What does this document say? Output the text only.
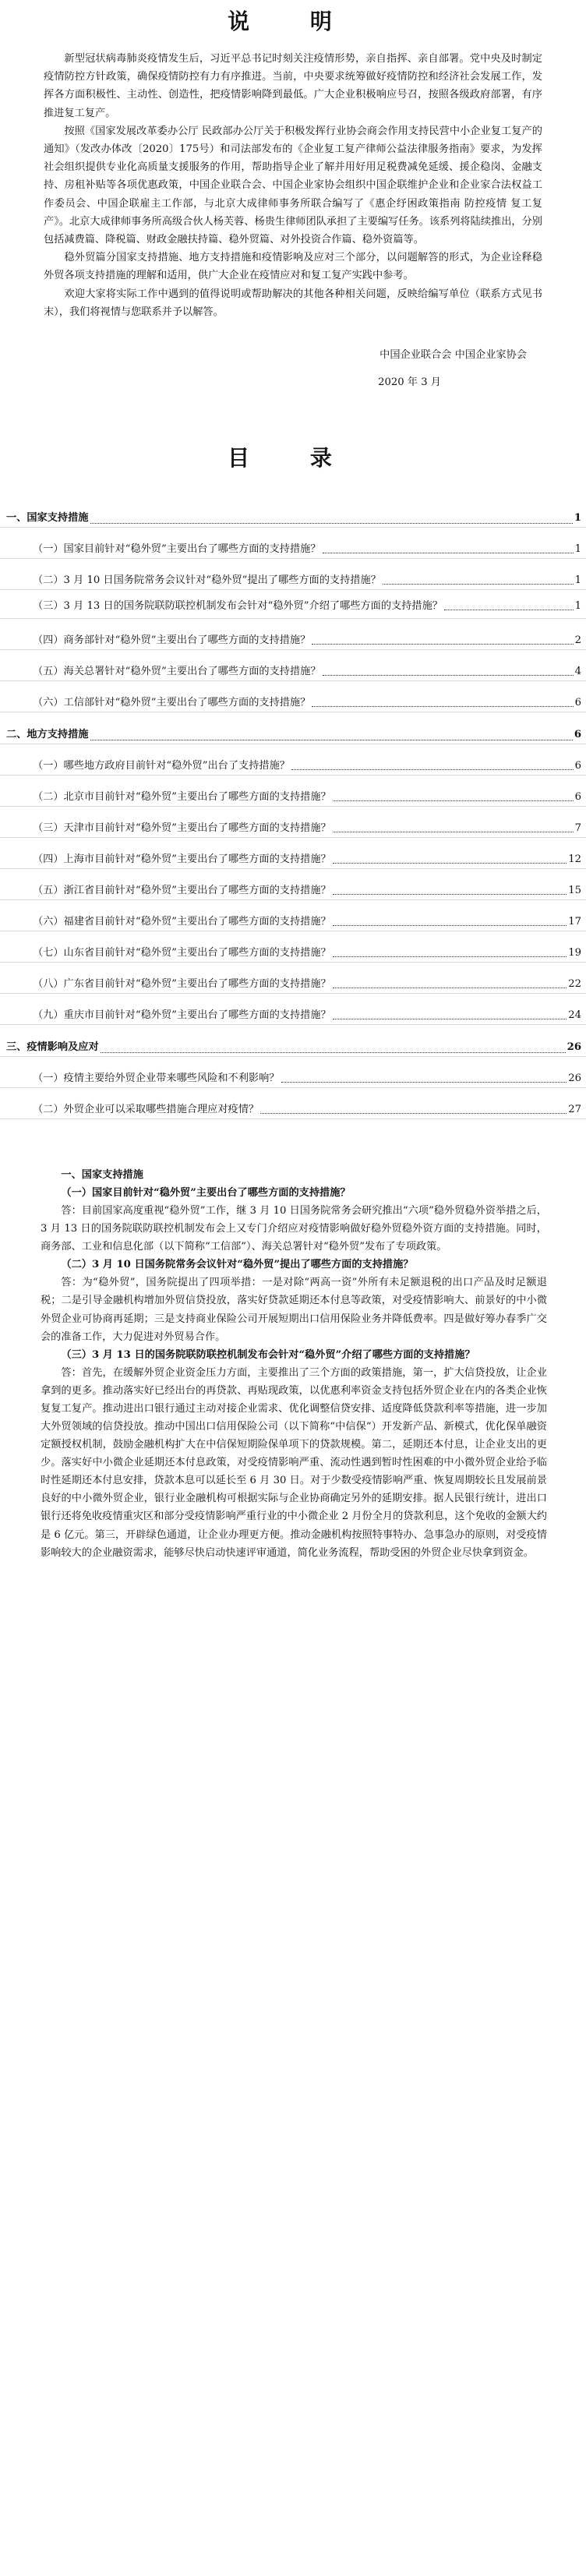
说 明

新型冠状病毒肺炎疫情发生后，习近平总书记时刻关注疫情形势，亲自指挥、亲自部署。党中央及时制定疫情防控方针政策，确保疫情防控有力有序推进。当前，中央要求统筹做好疫情防控和经济社会发展工作，发挥各方面积极性、主动性、创造性，把疫情影响降到最低。广大企业积极响应号召，按照各级政府部署，有序推进复工复产。

按照《国家发展改革委办公厅 民政部办公厅关于积极发挥行业协会商会作用支持民营中小企业复工复产的通知》（发改办体改〔2020〕175号）和司法部发布的《企业复工复产律师公益法律服务指南》要求，为发挥社会组织提供专业化高质量支援服务的作用，帮助指导企业了解并用好用足税费减免延缓、援企稳岗、金融支持、房租补贴等各项优惠政策，中国企业联合会、中国企业家协会组织中国企联维护企业和企业家合法权益工作委员会、中国企联雇主工作部，与北京大成律师事务所联合编写了《惠企纾困政策指南 防控疫情 复工复产》。北京大成律师事务所高级合伙人杨芙蓉、杨贵生律师团队承担了主要编写任务。该系列将陆续推出，分别包括减费篇、降税篇、财政金融扶持篇、稳外贸篇、对外投资合作篇、稳外资篇等。

稳外贸篇分国家支持措施、地方支持措施和疫情影响及应对三个部分，以问题解答的形式，为企业诠释稳外贸各项支持措施的理解和适用，供广大企业在疫情应对和复工复产实践中参考。

欢迎大家将实际工作中遇到的值得说明或帮助解决的其他各种相关问题，反映给编写单位（联系方式见书末），我们将视情与您联系并予以解答。

中国企业联合会 中国企业家协会

2020 年 3 月

目 录
一、国家支持措施	1
（一）国家目前针对“稳外贸”主要出台了哪些方面的支持措施？	1
（二）3 月 10 日国务院常务会议针对“稳外贸”提出了哪些方面的支持措施？	1
（三）3 月 13 日的国务院联防联控机制发布会针对“稳外贸”介绍了哪些方面的支持措施？	1
（四）商务部针对“稳外贸”主要出台了哪些方面的支持措施？	2
（五）海关总署针对“稳外贸”主要出台了哪些方面的支持措施？	4
（六）工信部针对“稳外贸”主要出台了哪些方面的支持措施？	6
二、地方支持措施	6
（一）哪些地方政府目前针对“稳外贸”出台了支持措施？	6
（二）北京市目前针对“稳外贸”主要出台了哪些方面的支持措施？	6
（三）天津市目前针对“稳外贸”主要出台了哪些方面的支持措施？	7
（四）上海市目前针对“稳外贸”主要出台了哪些方面的支持措施？	12
（五）浙江省目前针对“稳外贸”主要出台了哪些方面的支持措施？	15
（六）福建省目前针对“稳外贸”主要出台了哪些方面的支持措施？	17
（七）山东省目前针对“稳外贸”主要出台了哪些方面的支持措施？	19
（八）广东省目前针对“稳外贸”主要出台了哪些方面的支持措施？	22
（九）重庆市目前针对“稳外贸”主要出台了哪些方面的支持措施？	24
三、疫情影响及应对	26
（一）疫情主要给外贸企业带来哪些风险和不利影响？	26
（二）外贸企业可以采取哪些措施合理应对疫情？	27

一、国家支持措施

（一）国家目前针对“稳外贸”主要出台了哪些方面的支持措施？

答：目前国家高度重视“稳外贸”工作，继 3 月 10 日国务院常务会研究推出“六项”稳外贸稳外资举措之后，3 月 13 日的国务院联防联控机制发布会上又专门介绍应对疫情影响做好稳外贸稳外资方面的支持措施。同时，商务部、工业和信息化部（以下简称“工信部”）、海关总署针对“稳外贸”发布了专项政策。

（二）3 月 10 日国务院常务会议针对“稳外贸”提出了哪些方面的支持措施？

答：为“稳外贸”，国务院提出了四项举措：一是对除“两高一资”外所有未足额退税的出口产品及时足额退税；二是引导金融机构增加外贸信贷投放，落实好贷款延期还本付息等政策，对受疫情影响大、前景好的中小微外贸企业可协商再延期；三是支持商业保险公司开展短期出口信用保险业务并降低费率。四是做好筹办春季广交会的准备工作，大力促进对外贸易合作。

（三）3 月 13 日的国务院联防联控机制发布会针对“稳外贸”介绍了哪些方面的支持措施？

答：首先，在缓解外贸企业资金压力方面，主要推出了三个方面的政策措施，第一，扩大信贷投放，让企业拿到的更多。推动落实好已经出台的再贷款、再贴现政策，以优惠利率资金支持包括外贸企业在内的各类企业恢复复工复产。推动进出口银行通过主动对接企业需求、优化调整信贷安排、适度降低贷款利率等措施，进一步加大外贸领域的信贷投放。推动中国出口信用保险公司（以下简称“中信保”）开发新产品、新模式，优化保单融资定额授权机制，鼓励金融机构扩大在中信保短期险保单项下的贷款规模。第二，延期还本付息，让企业支出的更少。落实好中小微企业延期还本付息政策，对受疫情影响严重、流动性遇到暂时性困难的中小微外贸企业给予临时性延期还本付息安排，贷款本息可以延长至 6 月 30 日。对于少数受疫情影响严重、恢复周期较长且发展前景良好的中小微外贸企业，银行业金融机构可根据实际与企业协商确定另外的延期安排。据人民银行统计，进出口银行还将免收疫情重灾区和部分受疫情影响严重行业的中小微企业 2 月份全月的贷款利息，这个免收的金额大约是 6 亿元。第三，开辟绿色通道，让企业办理更方便。推动金融机构按照特事特办、急事急办的原则，对受疫情影响较大的企业融资需求，能够尽快启动快速评审通道，简化业务流程，帮助受困的外贸企业尽快拿到资金。
